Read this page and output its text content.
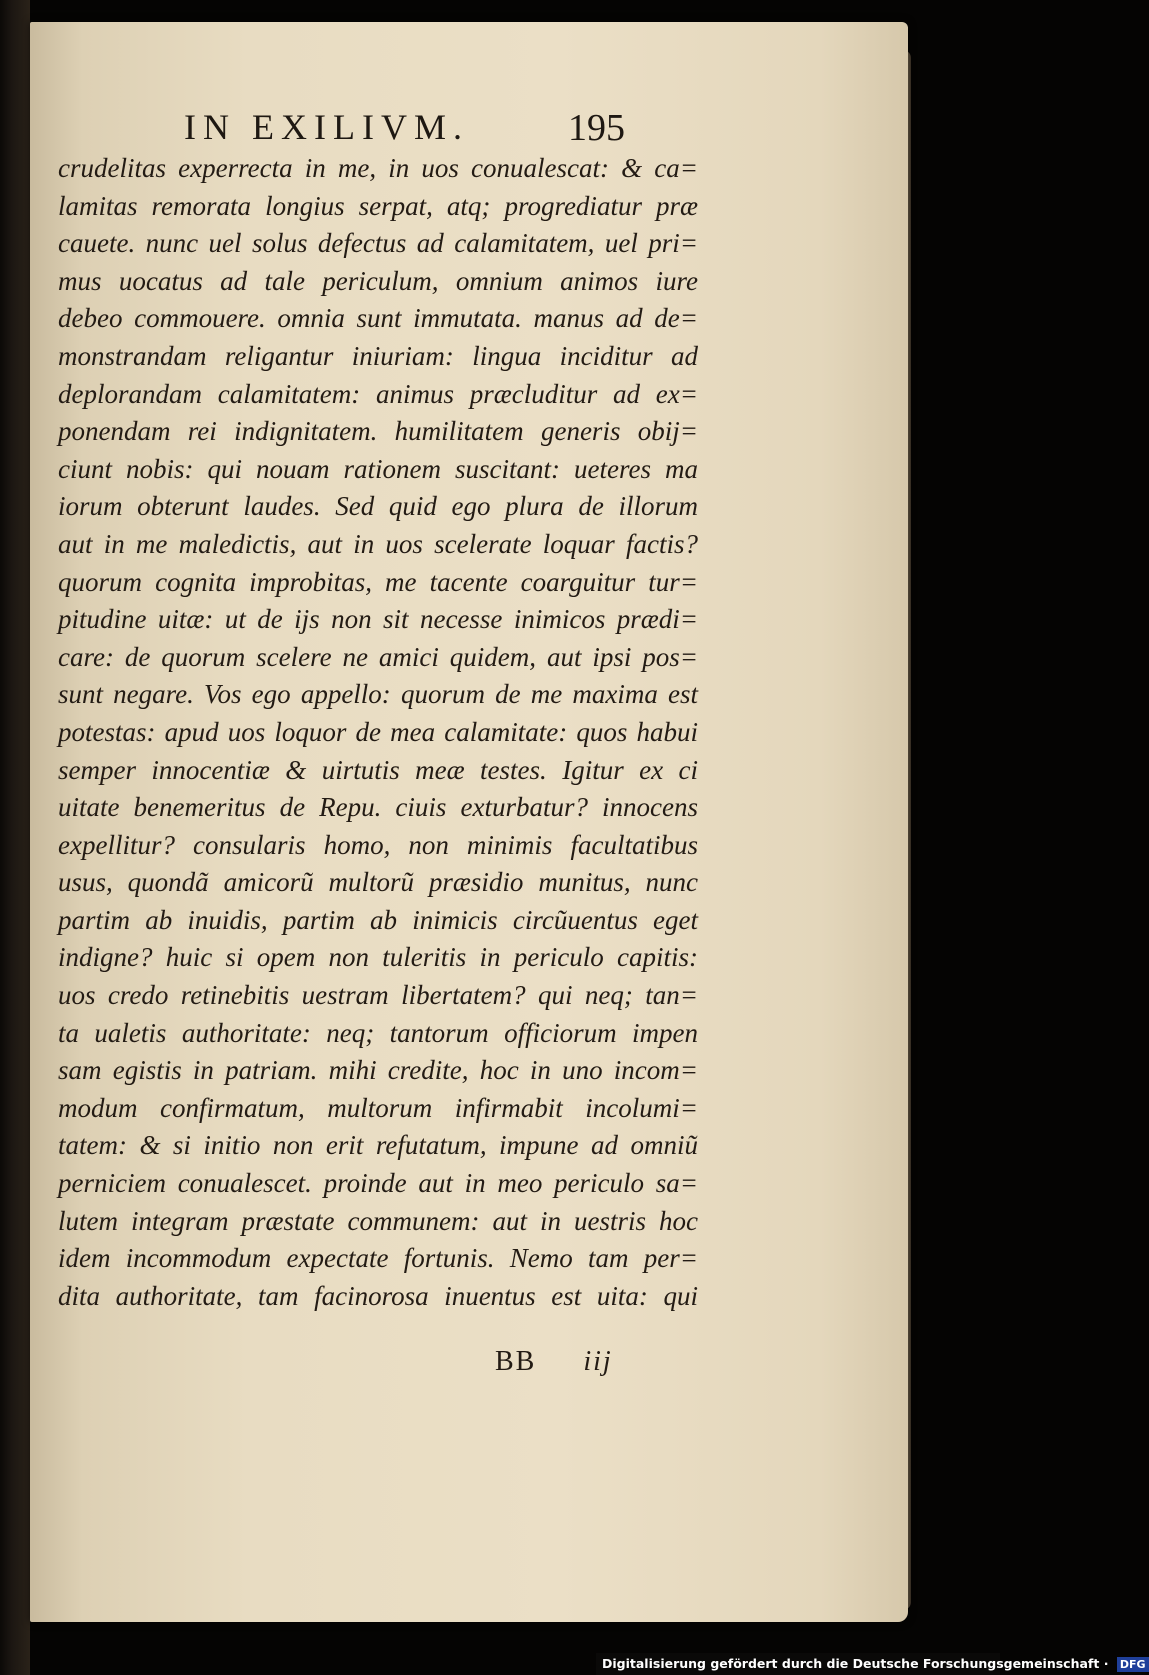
IN EXILIVM.	195
crudelitas experrecta in me, in uos conualescat: & ca=
lamitas remorata longius serpat, atq; progrediatur præ
cauete. nunc uel solus defectus ad calamitatem, uel pri=
mus uocatus ad tale periculum, omnium animos iure
debeo commouere. omnia sunt immutata. manus ad de=
monstrandam religantur iniuriam: lingua inciditur ad
deplorandam calamitatem: animus præcluditur ad ex=
ponendam rei indignitatem. humilitatem generis obij=
ciunt nobis: qui nouam rationem suscitant: ueteres ma
iorum obterunt laudes. Sed quid ego plura de illorum
aut in me maledictis, aut in uos scelerate loquar factis?
quorum cognita improbitas, me tacente coarguitur tur=
pitudine uitæ: ut de ijs non sit necesse inimicos prædi=
care: de quorum scelere ne amici quidem, aut ipsi pos=
sunt negare. Vos ego appello: quorum de me maxima est
potestas: apud uos loquor de mea calamitate: quos habui
semper innocentiæ & uirtutis meæ testes. Igitur ex ci
uitate benemeritus de Repu. ciuis exturbatur? innocens
expellitur? consularis homo, non minimis facultatibus
usus, quondã amicorũ multorũ præsidio munitus, nunc
partim ab inuidis, partim ab inimicis circũuentus eget
indigne? huic si opem non tuleritis in periculo capitis:
uos credo retinebitis uestram libertatem? qui neq; tan=
ta ualetis authoritate: neq; tantorum officiorum impen
sam egistis in patriam. mihi credite, hoc in uno incom=
modum confirmatum, multorum infirmabit incolumi=
tatem: & si initio non erit refutatum, impune ad omniũ
perniciem conualescet. proinde aut in meo periculo sa=
lutem integram præstate communem: aut in uestris hoc
idem incommodum expectate fortunis. Nemo tam per=
dita authoritate, tam facinorosa inuentus est uita: qui
BB iij
Digitalisierung gefördert durch die Deutsche Forschungsgemeinschaft · DFG
